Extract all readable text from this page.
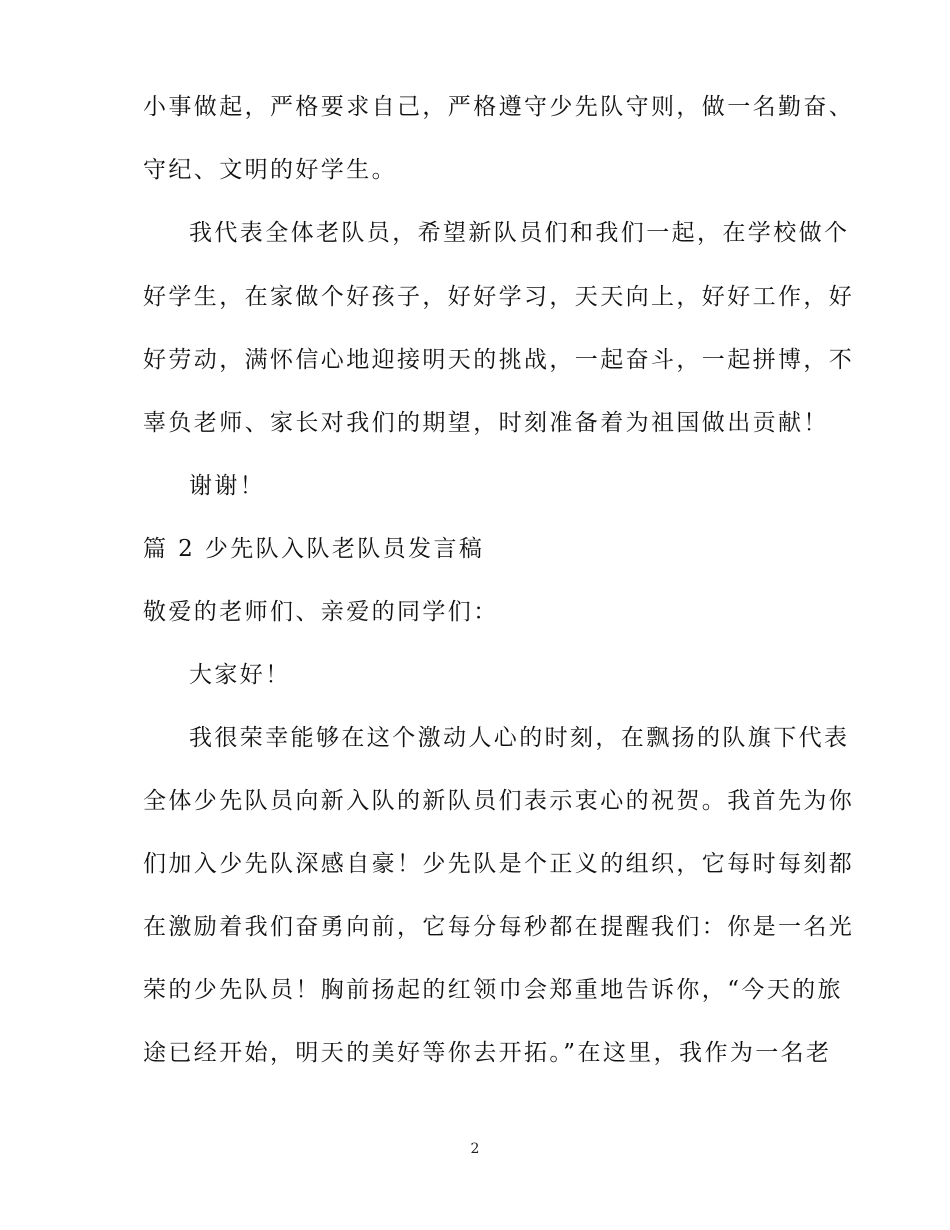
小事做起，严格要求自己，严格遵守少先队守则，做一名勤奋、
守纪、文明的好学生。
我代表全体老队员，希望新队员们和我们一起，在学校做个
好学生，在家做个好孩子，好好学习，天天向上，好好工作，好
好劳动，满怀信心地迎接明天的挑战，一起奋斗，一起拼博，不
辜负老师、家长对我们的期望，时刻准备着为祖国做出贡献！
谢谢！
篇 2 少先队入队老队员发言稿
敬爱的老师们、亲爱的同学们：
大家好！
我很荣幸能够在这个激动人心的时刻，在飘扬的队旗下代表
全体少先队员向新入队的新队员们表示衷心的祝贺。我首先为你
们加入少先队深感自豪！少先队是个正义的组织，它每时每刻都
在激励着我们奋勇向前，它每分每秒都在提醒我们：你是一名光
荣的少先队员！胸前扬起的红领巾会郑重地告诉你，“今天的旅
途已经开始，明天的美好等你去开拓。”在这里，我作为一名老
2
